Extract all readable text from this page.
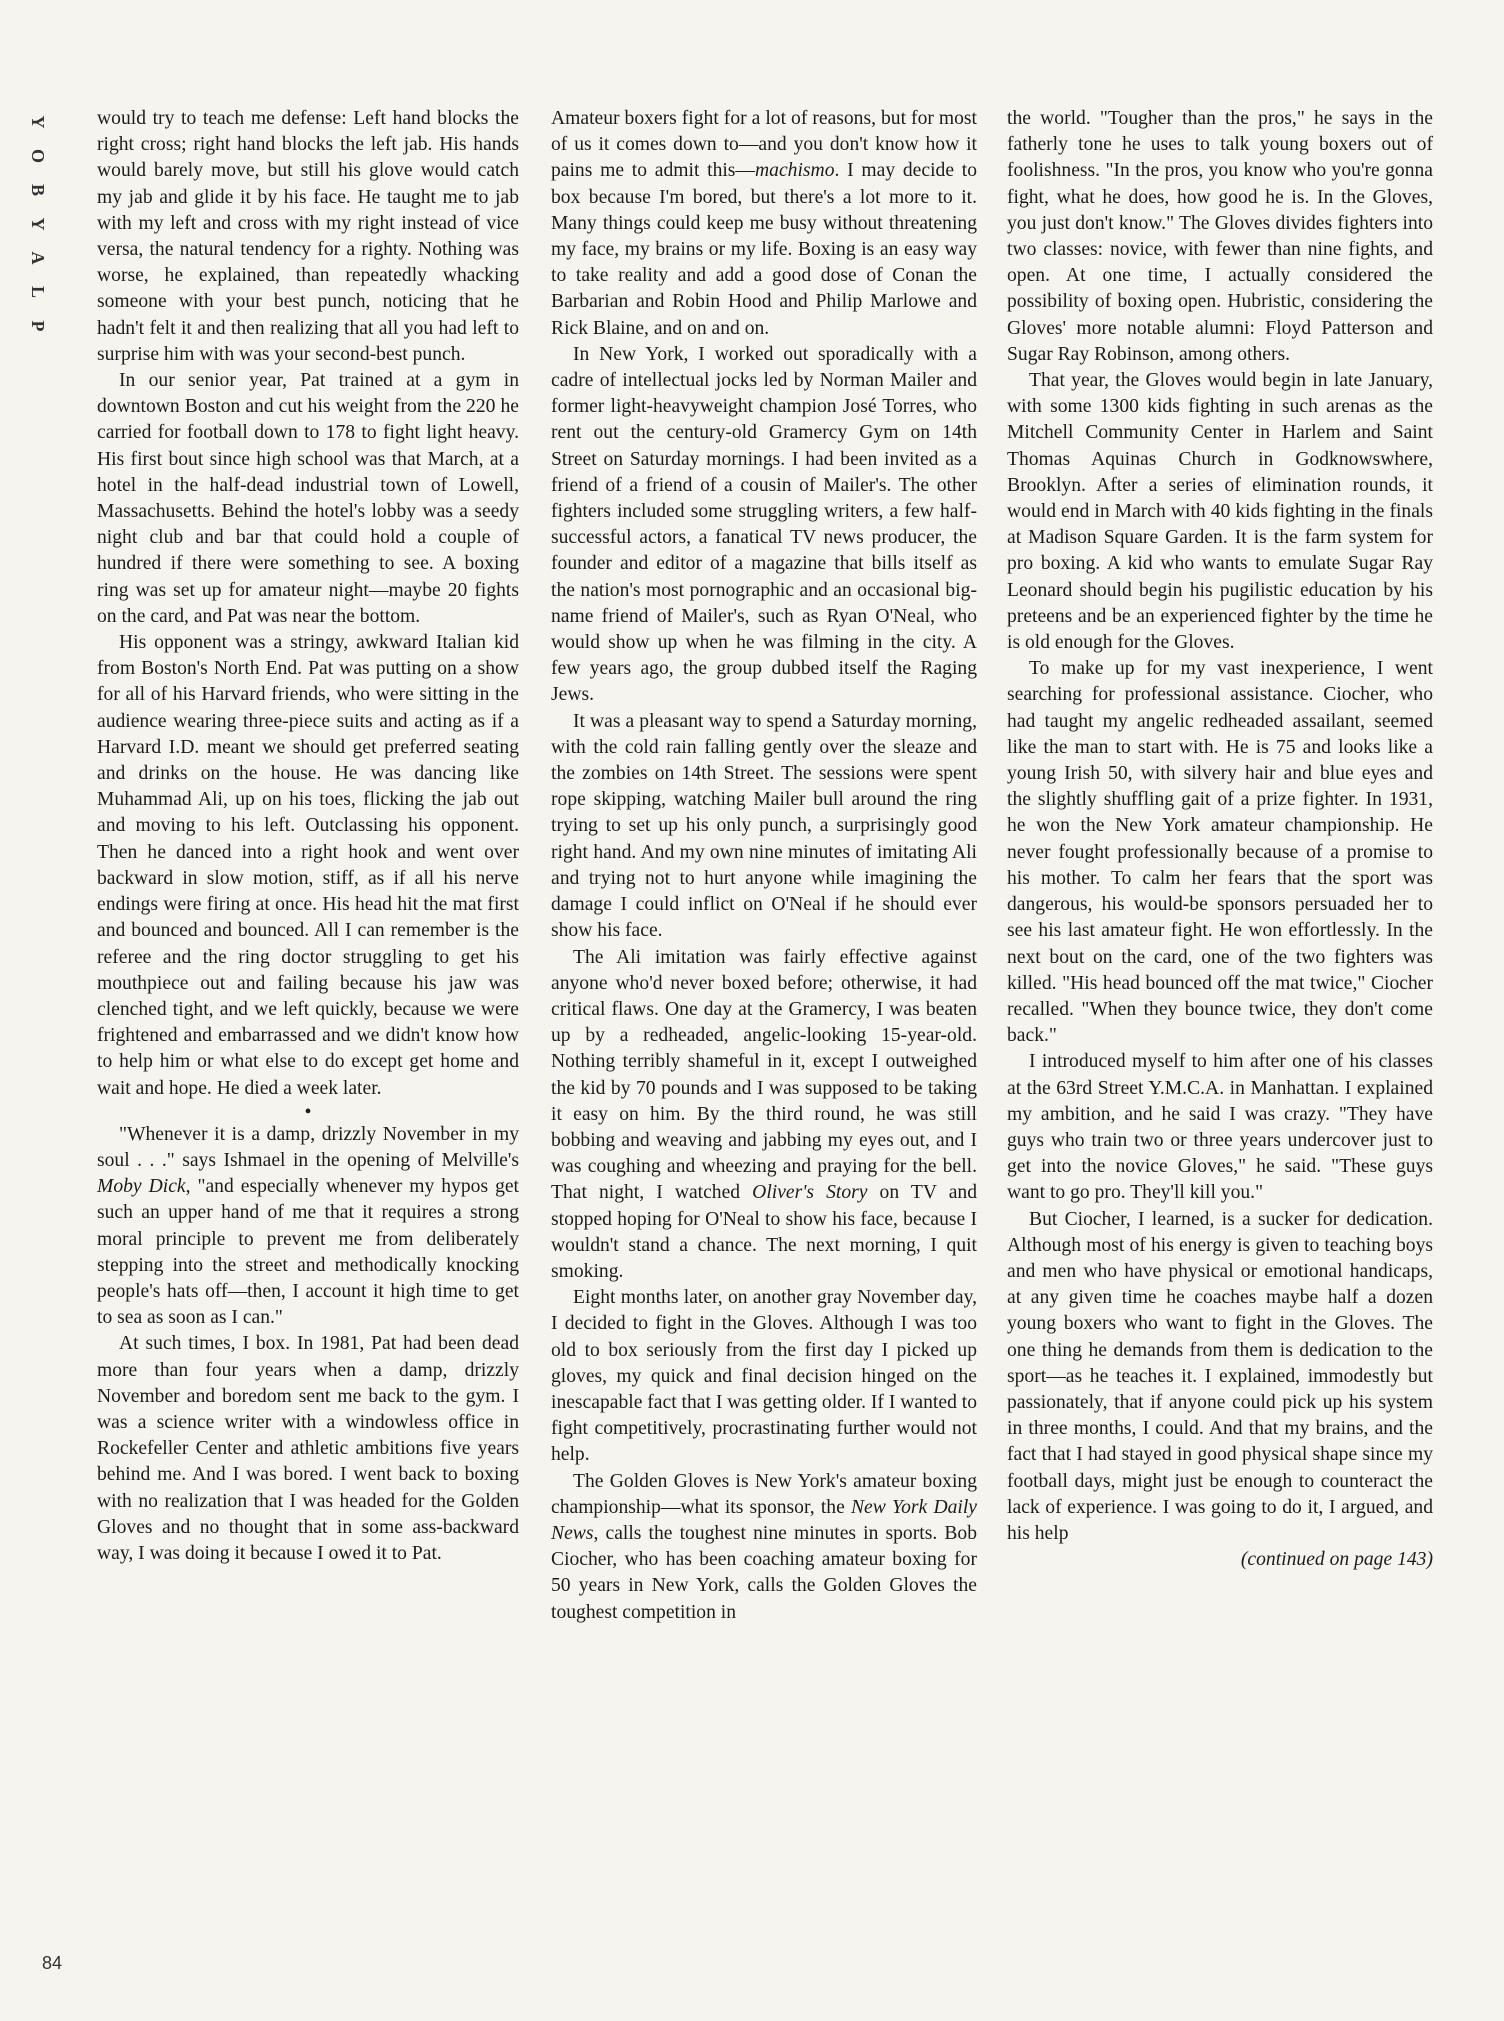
Y
O
B
Y
A
L
P

would try to teach me defense: Left hand blocks the right cross; right hand blocks the left jab. His hands would barely move, but still his glove would catch my jab and glide it by his face. He taught me to jab with my left and cross with my right instead of vice versa, the natural tendency for a righty. Nothing was worse, he explained, than repeatedly whacking someone with your best punch, noticing that he hadn't felt it and then realizing that all you had left to surprise him with was your second-best punch.

In our senior year, Pat trained at a gym in downtown Boston and cut his weight from the 220 he carried for football down to 178 to fight light heavy. His first bout since high school was that March, at a hotel in the half-dead industrial town of Lowell, Massachusetts. Behind the hotel's lobby was a seedy night club and bar that could hold a couple of hundred if there were something to see. A boxing ring was set up for amateur night—maybe 20 fights on the card, and Pat was near the bottom.

His opponent was a stringy, awkward Italian kid from Boston's North End. Pat was putting on a show for all of his Harvard friends, who were sitting in the audience wearing three-piece suits and acting as if a Harvard I.D. meant we should get preferred seating and drinks on the house. He was dancing like Muhammad Ali, up on his toes, flicking the jab out and moving to his left. Outclassing his opponent. Then he danced into a right hook and went over backward in slow motion, stiff, as if all his nerve endings were firing at once. His head hit the mat first and bounced and bounced. All I can remember is the referee and the ring doctor struggling to get his mouthpiece out and failing because his jaw was clenched tight, and we left quickly, because we were frightened and embarrassed and we didn't know how to help him or what else to do except get home and wait and hope. He died a week later.

•

"Whenever it is a damp, drizzly November in my soul . . ." says Ishmael in the opening of Melville's Moby Dick, "and especially whenever my hypos get such an upper hand of me that it requires a strong moral principle to prevent me from deliberately stepping into the street and methodically knocking people's hats off—then, I account it high time to get to sea as soon as I can."

At such times, I box. In 1981, Pat had been dead more than four years when a damp, drizzly November and boredom sent me back to the gym. I was a science writer with a windowless office in Rockefeller Center and athletic ambitions five years behind me. And I was bored. I went back to boxing with no realization that I was headed for the Golden Gloves and no thought that in some ass-backward way, I was doing it because I owed it to Pat.

Amateur boxers fight for a lot of reasons, but for most of us it comes down to—and you don't know how it pains me to admit this—machismo. I may decide to box because I'm bored, but there's a lot more to it. Many things could keep me busy without threatening my face, my brains or my life. Boxing is an easy way to take reality and add a good dose of Conan the Barbarian and Robin Hood and Philip Marlowe and Rick Blaine, and on and on.

In New York, I worked out sporadically with a cadre of intellectual jocks led by Norman Mailer and former light-heavyweight champion José Torres, who rent out the century-old Gramercy Gym on 14th Street on Saturday mornings. I had been invited as a friend of a friend of a cousin of Mailer's. The other fighters included some struggling writers, a few half-successful actors, a fanatical TV news producer, the founder and editor of a magazine that bills itself as the nation's most pornographic and an occasional big-name friend of Mailer's, such as Ryan O'Neal, who would show up when he was filming in the city. A few years ago, the group dubbed itself the Raging Jews.

It was a pleasant way to spend a Saturday morning, with the cold rain falling gently over the sleaze and the zombies on 14th Street. The sessions were spent rope skipping, watching Mailer bull around the ring trying to set up his only punch, a surprisingly good right hand. And my own nine minutes of imitating Ali and trying not to hurt anyone while imagining the damage I could inflict on O'Neal if he should ever show his face.

The Ali imitation was fairly effective against anyone who'd never boxed before; otherwise, it had critical flaws. One day at the Gramercy, I was beaten up by a redheaded, angelic-looking 15-year-old. Nothing terribly shameful in it, except I outweighed the kid by 70 pounds and I was supposed to be taking it easy on him. By the third round, he was still bobbing and weaving and jabbing my eyes out, and I was coughing and wheezing and praying for the bell. That night, I watched Oliver's Story on TV and stopped hoping for O'Neal to show his face, because I wouldn't stand a chance. The next morning, I quit smoking.

Eight months later, on another gray November day, I decided to fight in the Gloves. Although I was too old to box seriously from the first day I picked up gloves, my quick and final decision hinged on the inescapable fact that I was getting older. If I wanted to fight competitively, procrastinating further would not help.

The Golden Gloves is New York's amateur boxing championship—what its sponsor, the New York Daily News, calls the toughest nine minutes in sports. Bob Ciocher, who has been coaching amateur boxing for 50 years in New York, calls the Golden Gloves the toughest competition in

the world. "Tougher than the pros," he says in the fatherly tone he uses to talk young boxers out of foolishness. "In the pros, you know who you're gonna fight, what he does, how good he is. In the Gloves, you just don't know." The Gloves divides fighters into two classes: novice, with fewer than nine fights, and open. At one time, I actually considered the possibility of boxing open. Hubristic, considering the Gloves' more notable alumni: Floyd Patterson and Sugar Ray Robinson, among others.

That year, the Gloves would begin in late January, with some 1300 kids fighting in such arenas as the Mitchell Community Center in Harlem and Saint Thomas Aquinas Church in Godknowswhere, Brooklyn. After a series of elimination rounds, it would end in March with 40 kids fighting in the finals at Madison Square Garden. It is the farm system for pro boxing. A kid who wants to emulate Sugar Ray Leonard should begin his pugilistic education by his preteens and be an experienced fighter by the time he is old enough for the Gloves.

To make up for my vast inexperience, I went searching for professional assistance. Ciocher, who had taught my angelic redheaded assailant, seemed like the man to start with. He is 75 and looks like a young Irish 50, with silvery hair and blue eyes and the slightly shuffling gait of a prize fighter. In 1931, he won the New York amateur championship. He never fought professionally because of a promise to his mother. To calm her fears that the sport was dangerous, his would-be sponsors persuaded her to see his last amateur fight. He won effortlessly. In the next bout on the card, one of the two fighters was killed. "His head bounced off the mat twice," Ciocher recalled. "When they bounce twice, they don't come back."

I introduced myself to him after one of his classes at the 63rd Street Y.M.C.A. in Manhattan. I explained my ambition, and he said I was crazy. "They have guys who train two or three years undercover just to get into the novice Gloves," he said. "These guys want to go pro. They'll kill you."

But Ciocher, I learned, is a sucker for dedication. Although most of his energy is given to teaching boys and men who have physical or emotional handicaps, at any given time he coaches maybe half a dozen young boxers who want to fight in the Gloves. The one thing he demands from them is dedication to the sport—as he teaches it. I explained, immodestly but passionately, that if anyone could pick up his system in three months, I could. And that my brains, and the fact that I had stayed in good physical shape since my football days, might just be enough to counteract the lack of experience. I was going to do it, I argued, and his help

(continued on page 143)

84
